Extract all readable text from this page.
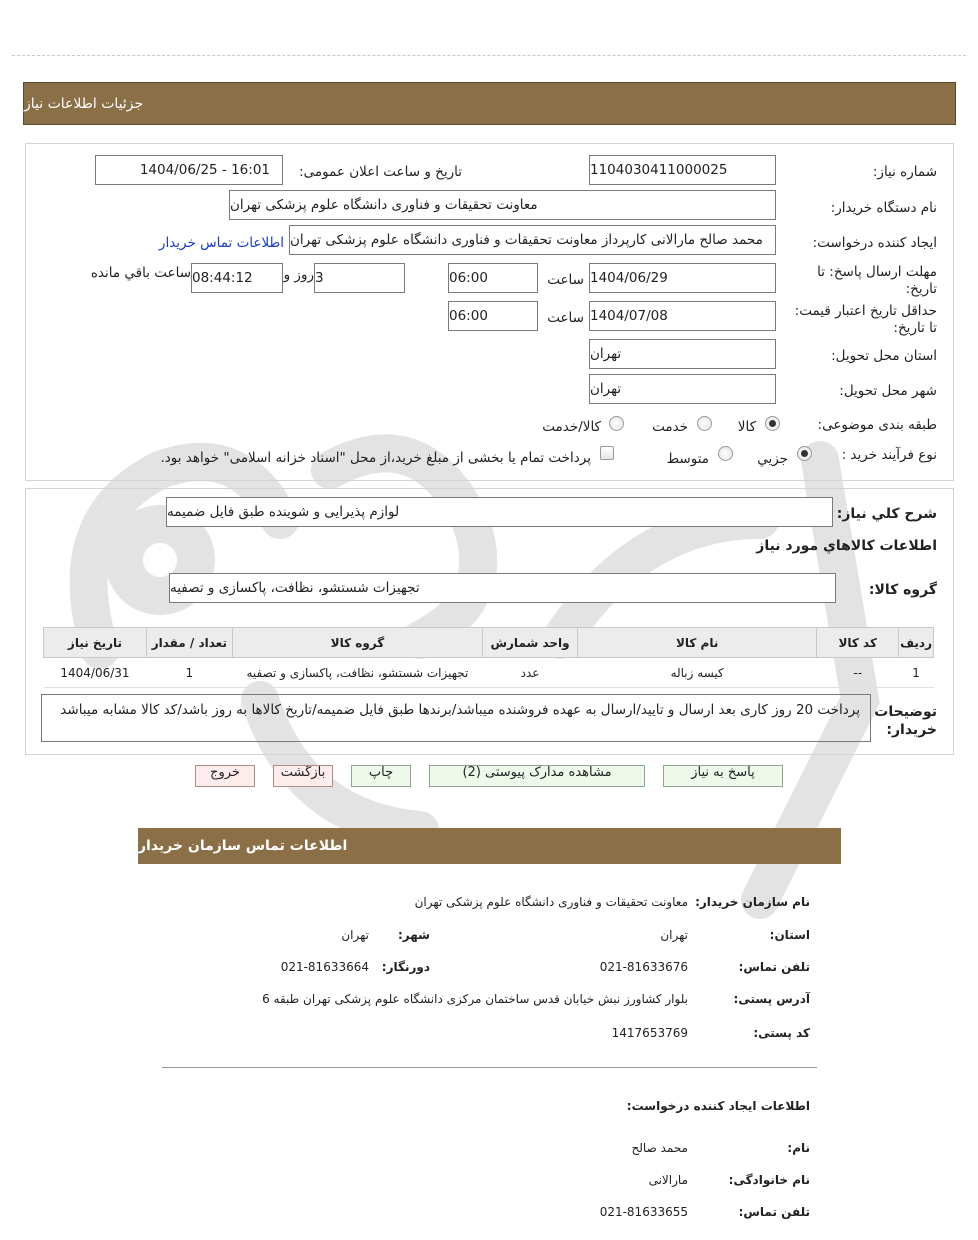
جزئیات اطلاعات نیاز
شماره نیاز:
1104030411000025
تاریخ و ساعت اعلان عمومی:
1404/06/25 - 16:01
نام دستگاه خریدار:
معاونت تحقیقات و فناوری دانشگاه علوم پزشکی تهران
ایجاد کننده درخواست:
محمد صالح مارالانی کارپرداز معاونت تحقیقات و فناوری دانشگاه علوم پزشکی تهران
اطلاعات تماس خریدار
مهلت ارسال پاسخ: تا
تاریخ:
1404/06/29
ساعت
06:00
3
روز و
08:44:12
ساعت باقي مانده
حداقل تاریخ اعتبار قیمت:
تا تاریخ:
1404/07/08
ساعت
06:00
استان محل تحویل:
تهران
شهر محل تحویل:
تهران
طبقه بندی موضوعی:
کالا
خدمت
کالا/خدمت
نوع فرآیند خرید :
جزيي
متوسط
پرداخت تمام یا بخشی از مبلغ خرید،از محل "اسناد خزانه اسلامی" خواهد بود.
شرح کلي نياز:
لوازم پذیرایی و شوینده طبق فایل ضمیمه
اطلاعات کالاهاي مورد نياز
گروه کالا:
تجهیزات شستشو، نظافت، پاکسازی و تصفیه
رديف	کد کالا	نام کالا	واحد شمارش	گروه کالا	تعداد / مقدار	تاریخ نیاز
1	--	کیسه زباله	عدد	تجهیزات شستشو، نظافت، پاکسازی و تصفیه	1	1404/06/31
توضیحات
خریدار:
پرداخت 20 روز کاری بعد ارسال و تایید/ارسال به عهده فروشنده میباشد/برندها طبق فایل ضمیمه/تاریخ کالاها به روز باشد/کد کالا مشابه میباشد
پاسخ به نیاز
مشاهده مدارک پیوستی (2)
چاپ
بازگشت
خروج
اطلاعات تماس سازمان خریدار
نام سازمان خریدار:
معاونت تحقیقات و فناوری دانشگاه علوم پزشکی تهران
استان:
تهران
شهر:
تهران
تلفن تماس:
021-81633676
دورنگار:
021-81633664
آدرس پستی:
بلوار کشاورز نبش خیابان قدس ساختمان مرکزی دانشگاه علوم پزشکی تهران طبقه 6
کد پستی:
1417653769
اطلاعات ایجاد کننده درخواست:
نام:
محمد صالح
نام خانوادگی:
مارالانی
تلفن تماس:
021-81633655
